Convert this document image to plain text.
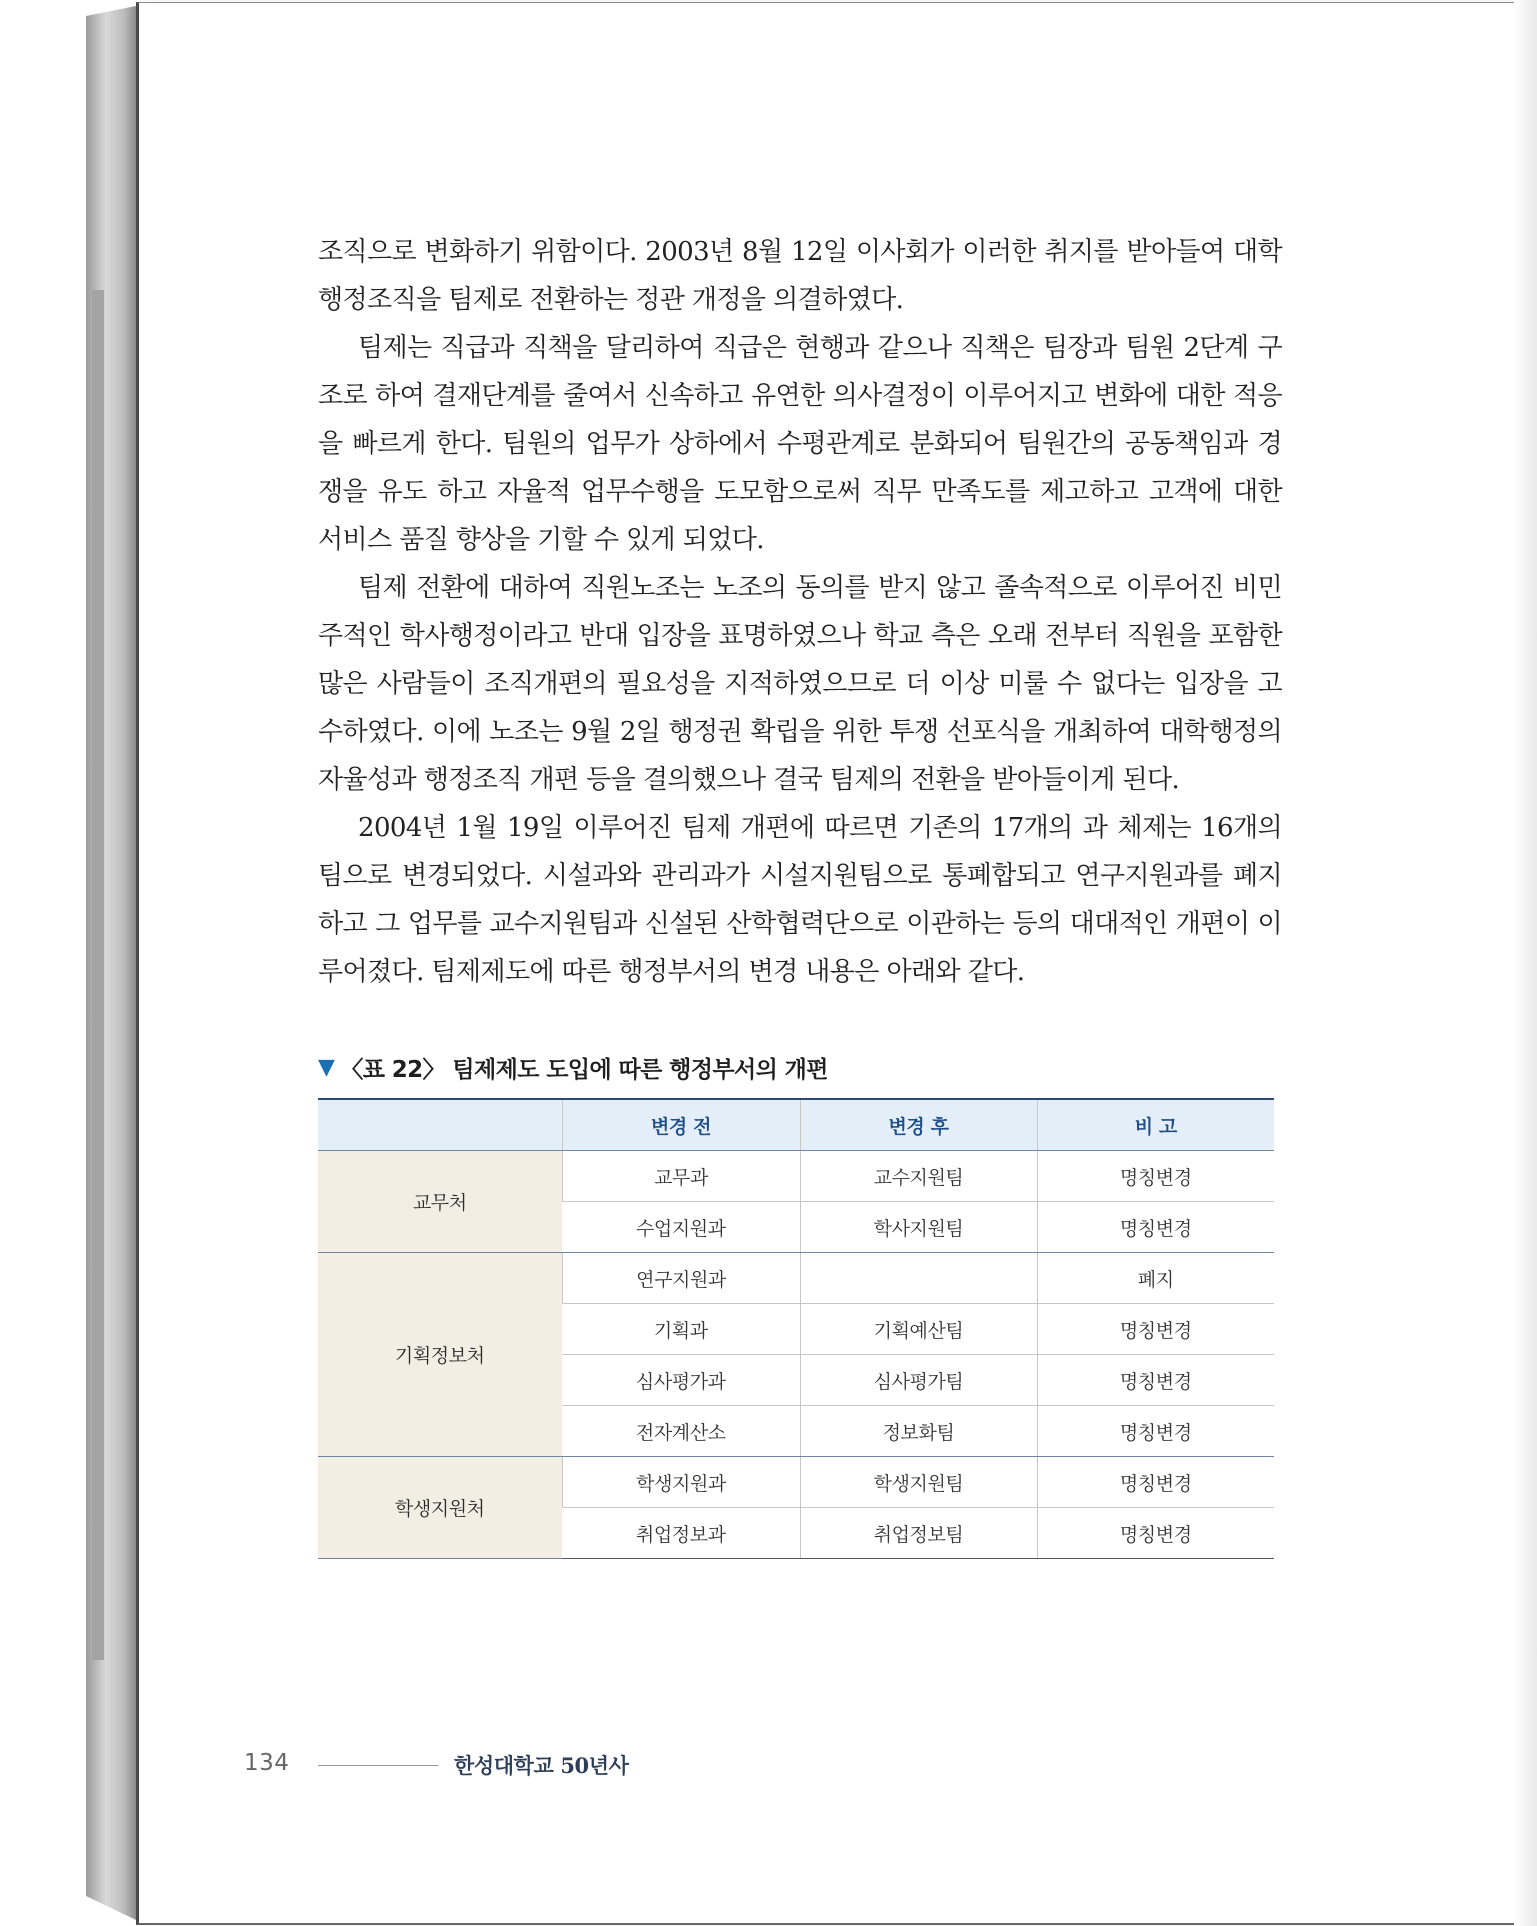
조직으로 변화하기 위함이다. 2003년 8월 12일 이사회가 이러한 취지를 받아들여 대학 행정조직을 팀제로 전환하는 정관 개정을 의결하였다.

팀제는 직급과 직책을 달리하여 직급은 현행과 같으나 직책은 팀장과 팀원 2단계 구조로 하여 결재단계를 줄여서 신속하고 유연한 의사결정이 이루어지고 변화에 대한 적응을 빠르게 한다. 팀원의 업무가 상하에서 수평관계로 분화되어 팀원간의 공동책임과 경쟁을 유도 하고 자율적 업무수행을 도모함으로써 직무 만족도를 제고하고 고객에 대한 서비스 품질 향상을 기할 수 있게 되었다.

팀제 전환에 대하여 직원노조는 노조의 동의를 받지 않고 졸속적으로 이루어진 비민주적인 학사행정이라고 반대 입장을 표명하였으나 학교 측은 오래 전부터 직원을 포함한 많은 사람들이 조직개편의 필요성을 지적하였으므로 더 이상 미룰 수 없다는 입장을 고수하였다. 이에 노조는 9월 2일 행정권 확립을 위한 투쟁 선포식을 개최하여 대학행정의 자율성과 행정조직 개편 등을 결의했으나 결국 팀제의 전환을 받아들이게 된다.

2004년 1월 19일 이루어진 팀제 개편에 따르면 기존의 17개의 과 체제는 16개의 팀으로 변경되었다. 시설과와 관리과가 시설지원팀으로 통폐합되고 연구지원과를 폐지하고 그 업무를 교수지원팀과 신설된 산학협력단으로 이관하는 등의 대대적인 개편이 이루어졌다. 팀제제도에 따른 행정부서의 변경 내용은 아래와 같다.

▼ 〈표 22〉 팀제제도 도입에 따른 행정부서의 개편
	변경 전	변경 후	비 고
교무처	교무과	교수지원팀	명칭변경
	수업지원과	학사지원팀	명칭변경
기획정보처	연구지원과		폐지
	기획과	기획예산팀	명칭변경
	심사평가과	심사평가팀	명칭변경
	전자계산소	정보화팀	명칭변경
학생지원처	학생지원과	학생지원팀	명칭변경
	취업정보과	취업정보팀	명칭변경
134	한성대학교 50년사
